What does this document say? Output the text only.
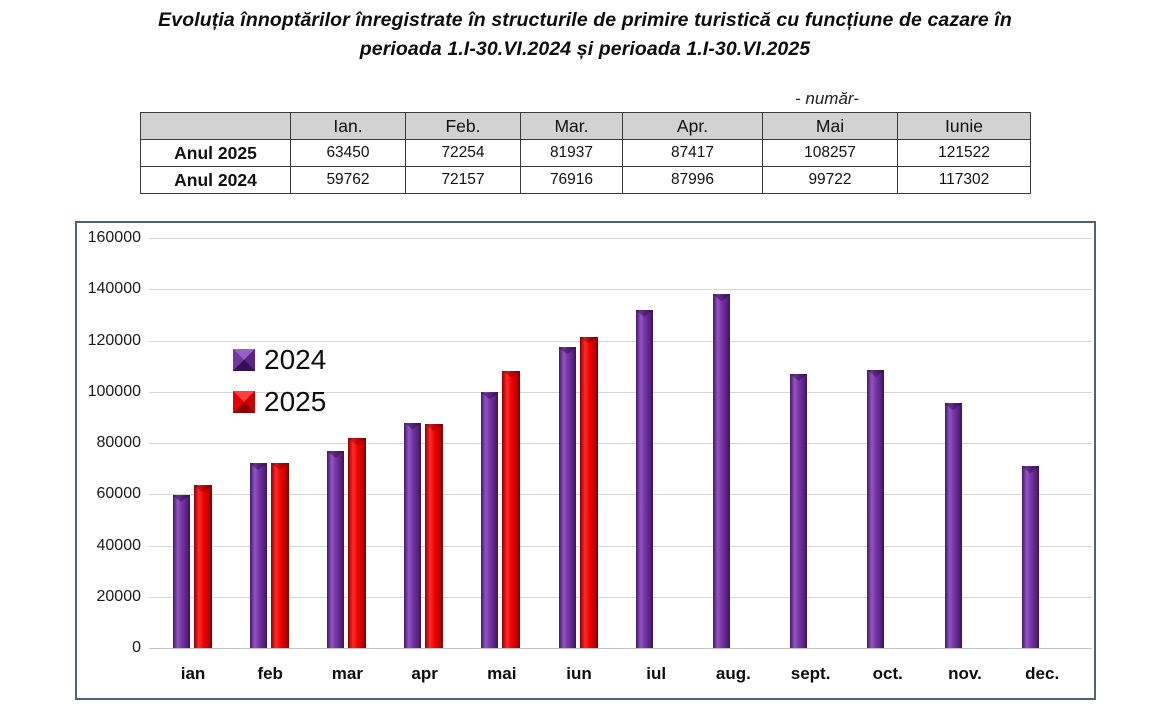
Evoluția înnoptărilor înregistrate în structurile de primire turistică cu funcțiune de cazare în perioada 1.I-30.VI.2024 și perioada 1.I-30.VI.2025
- număr-
	Ian.	Feb.	Mar.	Apr.	Mai	Iunie
Anul 2025	63450	72254	81937	87417	108257	121522
Anul 2024	59762	72157	76916	87996	99722	117302
0
20000
40000
60000
80000
100000
120000
140000
160000
ian	feb	mar	apr	mai	iun	iul	aug.	sept.	oct.	nov.	dec.
2024
2025
